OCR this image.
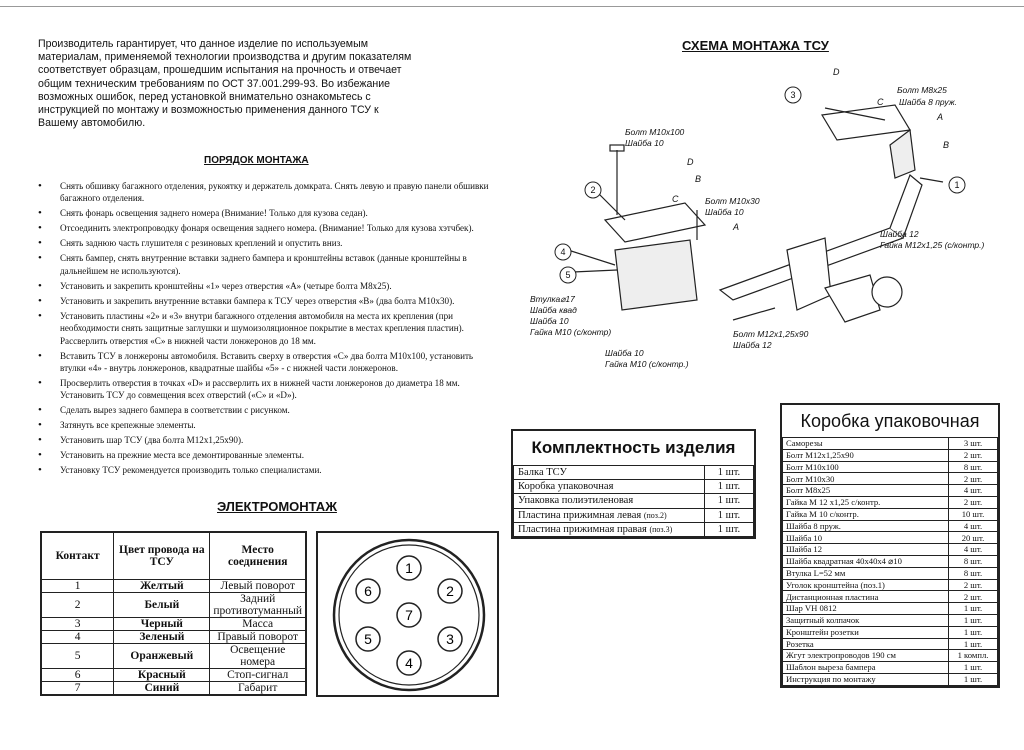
Производитель гарантирует, что данное изделие по используемым
материалам, применяемой технологии производства и другим показателям
соответствует образцам, прошедшим испытания на прочность и отвечает
общим техническим требованиям по ОСТ 37.001.299-93. Во избежание
возможных ошибок, перед установкой внимательно ознакомьтесь с
инструкцией по монтажу и возможностью применения данного ТСУ к
Вашему автомобилю.
ПОРЯДОК МОНТАЖА
• Снять обшивку багажного отделения, рукоятку и держатель домкрата. Снять левую и правую панели обшивки багажного отделения.
• Снять фонарь освещения заднего номера (Внимание! Только для кузова седан).
• Отсоединить электропроводку фонаря освещения заднего номера. (Внимание! Только для кузова хэтчбек).
• Снять заднюю часть глушителя с резиновых креплений и опустить вниз.
• Снять бампер, снять внутренние вставки заднего бампера и кронштейны вставок (данные кронштейны в дальнейшем не используются).
• Установить и закрепить кронштейны «1» через отверстия «А» (четыре болта М8х25).
• Установить и закрепить внутренние вставки бампера к ТСУ через отверстия «В» (два болта М10х30).
• Установить пластины «2» и «3» внутри багажного отделения автомобиля на места их крепления (при необходимости снять защитные заглушки и шумоизоляционное покрытие в местах крепления пластин). Рассверлить отверстия «С» в нижней части лонжеронов до 18 мм.
• Вставить ТСУ в лонжероны автомобиля. Вставить сверху в отверстия «С» два болта М10х100, установить втулки «4» - внутрь лонжеронов, квадратные шайбы «5» - с нижней части лонжеронов.
• Просверлить отверстия в точках «D» и рассверлить их в нижней части лонжеронов до диаметра 18 мм. Установить ТСУ до совмещения всех отверстий («С» и «D»).
• Сделать вырез заднего бампера в соответствии с рисунком.
• Затянуть все крепежные элементы.
• Установить шар ТСУ (два болта М12х1,25х90).
• Установить на прежние места все демонтированные элементы.
• Установку ТСУ рекомендуется производить только специалистами.
ЭЛЕКТРОМОНТАЖ
Контакт	Цвет провода на ТСУ	Место соединения
1	Желтый	Левый поворот
2	Белый	Задний противотуманный
3	Черный	Масса
4	Зеленый	Правый поворот
5	Оранжевый	Освещение номера
6	Красный	Стоп-сигнал
7	Синий	Габарит
1
2
3
4
5
6
7
СХЕМА МОНТАЖА ТСУ
Болт М8х25
Шайба 8 пруж.
Болт М10х100
Шайба 10
Болт М10х30
Шайба 10
Шайба 12
Гайка М12х1,25 (с/контр.)
Втулка⌀17
Шайба квад
Шайба 10
Гайка М10 (с/контр)
Шайба 10
Гайка М10 (с/контр.)
Болт М12х1,25х90
Шайба 12
A
A
B
B
C
C
D
D
1
2
3
4
5
Комплектность изделия
Балка ТСУ	1 шт.
Коробка упаковочная	1 шт.
Упаковка полиэтиленовая	1 шт.
Пластина прижимная левая (поз.2)	1 шт.
Пластина прижимная правая (поз.3)	1 шт.
Коробка упаковочная
Саморезы	3 шт.
Болт М12х1,25х90	2 шт.
Болт М10х100	8 шт.
Болт М10х30	2 шт.
Болт М8х25	4 шт.
Гайка М 12 х1,25 с/контр.	2 шт.
Гайка М 10 с/контр.	10 шт.
Шайба 8 пруж.	4 шт.
Шайба 10	20 шт.
Шайба 12	4 шт.
Шайба квадратная 40х40х4 ⌀10	8 шт.
Втулка L=52 мм	8 шт.
Уголок кронштейна (поз.1)	2 шт.
Дистанционная пластина	2 шт.
Шар VH 0812	1 шт.
Защитный колпачок	1 шт.
Кронштейн розетки	1 шт.
Розетка	1 шт.
Жгут электропроводов 190 см	1 компл.
Шаблон выреза бампера	1 шт.
Инструкция по монтажу	1 шт.
